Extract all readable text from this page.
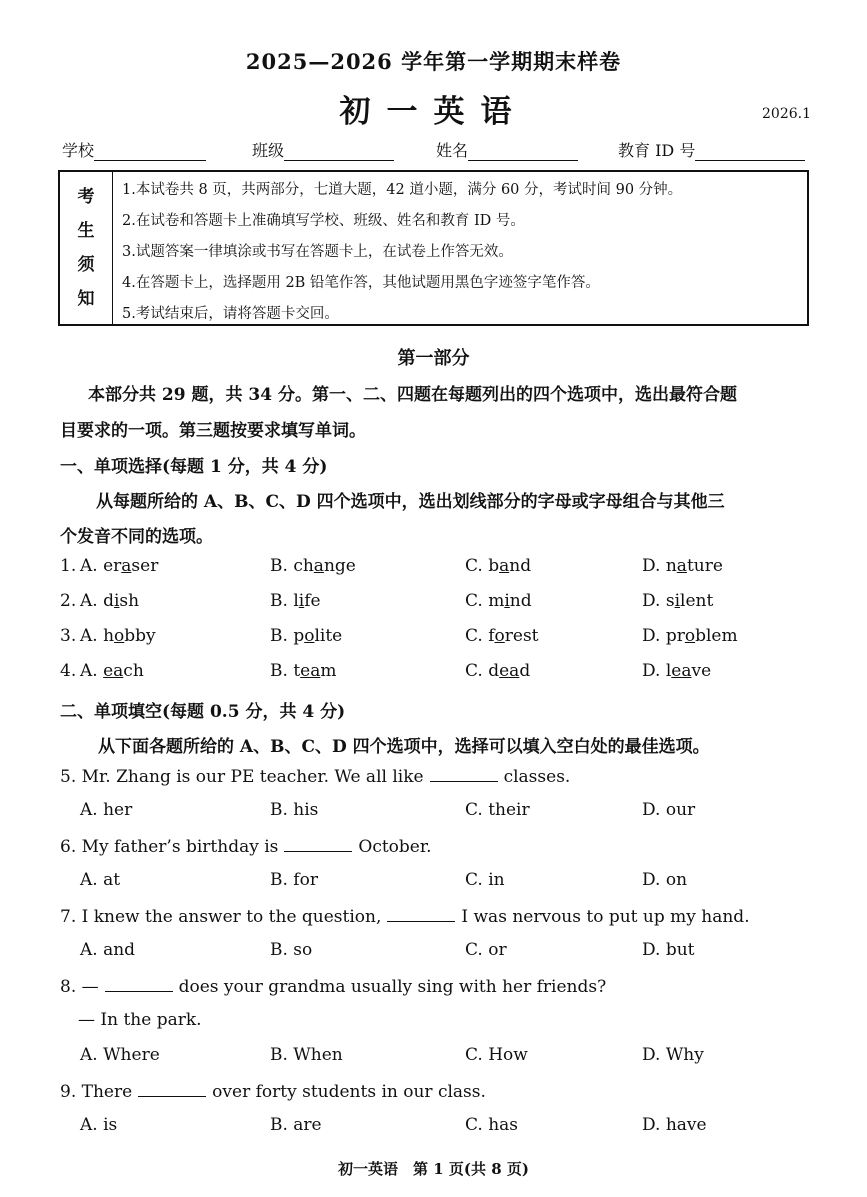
2025—2026 学年第一学期期末样卷
初一英语	2026.1
学校	班级	姓名	教育 ID 号
考
生
须
知
1.本试卷共 8 页，共两部分，七道大题，42 道小题，满分 60 分，考试时间 90 分钟。
2.在试卷和答题卡上准确填写学校、班级、姓名和教育 ID 号。
3.试题答案一律填涂或书写在答题卡上，在试卷上作答无效。
4.在答题卡上，选择题用 2B 铅笔作答，其他试题用黑色字迹签字笔作答。
5.考试结束后，请将答题卡交回。
第一部分
本部分共 29 题，共 34 分。第一、二、四题在每题列出的四个选项中，选出最符合题
目要求的一项。第三题按要求填写单词。
一、单项选择(每题 1 分，共 4 分)
从每题所给的 A、B、C、D 四个选项中，选出划线部分的字母或字母组合与其他三
个发音不同的选项。
1. A. eraser	B. change	C. band	D. nature
2. A. dish	B. life	C. mind	D. silent
3. A. hobby	B. polite	C. forest	D. problem
4. A. each	B. team	C. dead	D. leave
二、单项填空(每题 0.5 分，共 4 分)
从下面各题所给的 A、B、C、D 四个选项中，选择可以填入空白处的最佳选项。
5. Mr. Zhang is our PE teacher. We all like	classes.
A. her	B. his	C. their	D. our
6. My father’s birthday is	October.
A. at	B. for	C. in	D. on
7. I knew the answer to the question,	I was nervous to put up my hand.
A. and	B. so	C. or	D. but
8. —	does your grandma usually sing with her friends?
— In the park.
A. Where	B. When	C. How	D. Why
9. There	over forty students in our class.
A. is	B. are	C. has	D. have
初一英语　第 1 页(共 8 页)
